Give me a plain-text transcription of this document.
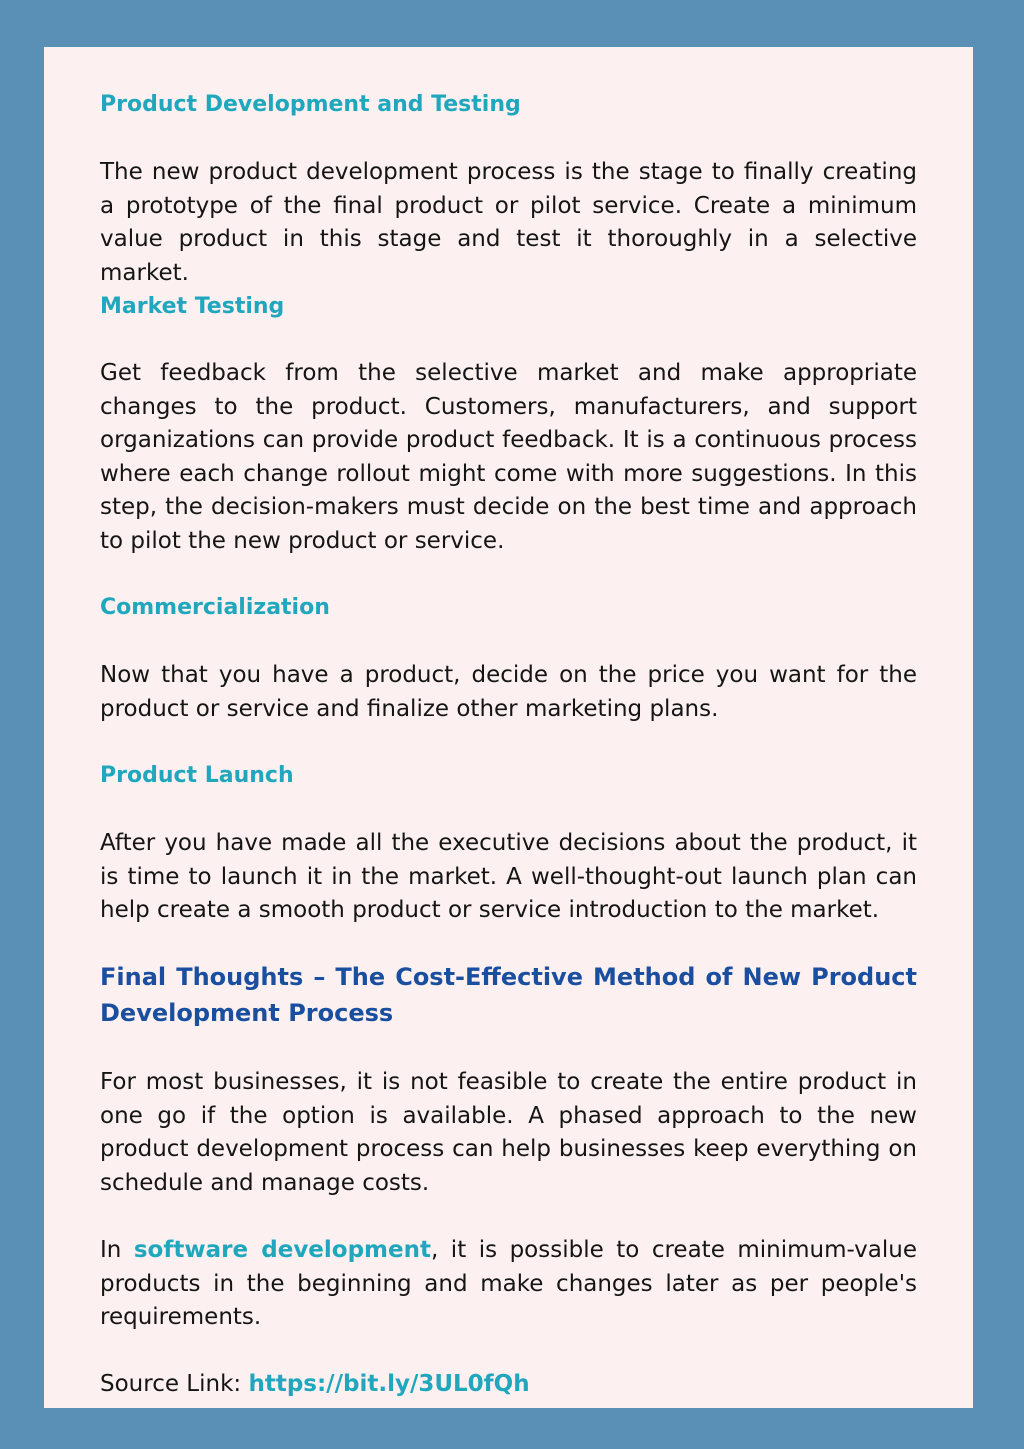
Product Development and Testing

The new product development process is the stage to finally creating a prototype of the final product or pilot service. Create a minimum value product in this stage and test it thoroughly in a selective market.

Market Testing

Get feedback from the selective market and make appropriate changes to the product. Customers, manufacturers, and support organizations can provide product feedback. It is a continuous process where each change rollout might come with more suggestions. In this step, the decision-makers must decide on the best time and approach to pilot the new product or service.

Commercialization

Now that you have a product, decide on the price you want for the product or service and finalize other marketing plans.

Product Launch

After you have made all the executive decisions about the product, it is time to launch it in the market. A well-thought-out launch plan can help create a smooth product or service introduction to the market.

Final Thoughts – The Cost-Effective Method of New Product Development Process

For most businesses, it is not feasible to create the entire product in one go if the option is available. A phased approach to the new product development process can help businesses keep everything on schedule and manage costs.

In software development, it is possible to create minimum-value products in the beginning and make changes later as per people's requirements.

Source Link: https://bit.ly/3UL0fQh
